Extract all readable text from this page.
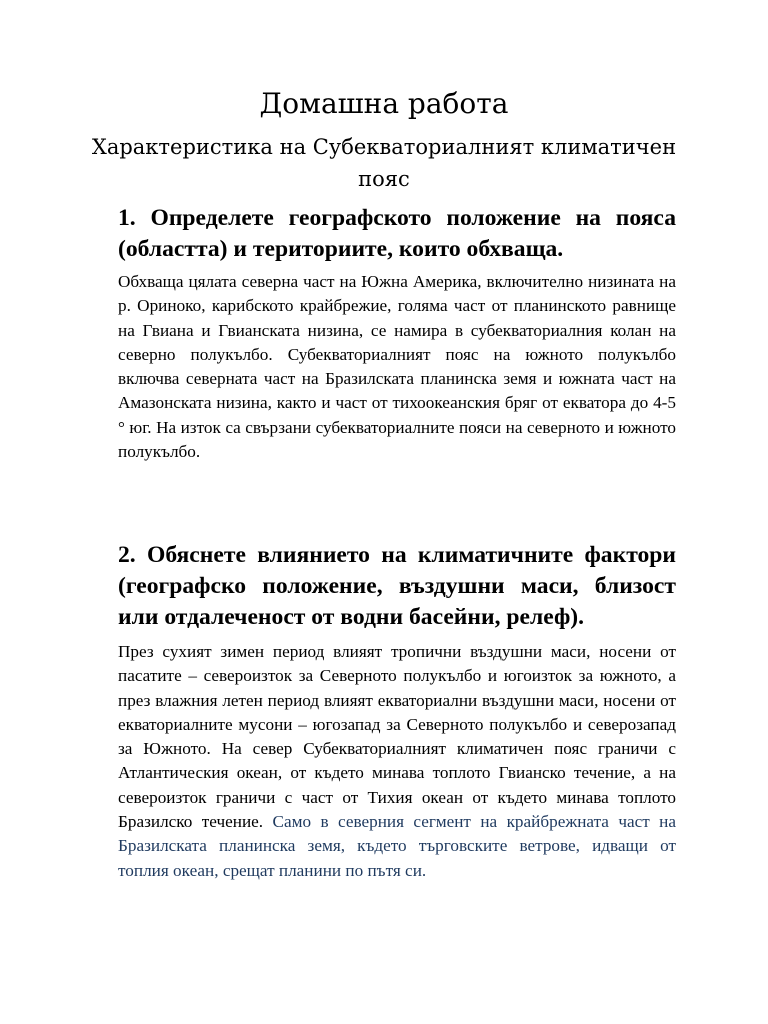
Домашна работа
Характеристика на Субекваториалният климатичен пояс
1. Определете географското положение на пояса (областта) и териториите, които обхваща.

Обхваща цялата северна част на Южна Америка, включително низината на р. Ориноко, карибското крайбрежие, голяма част от планинското равнище на Гвиана и Гвианската низина, се намира в субекваториалния колан на северно полукълбо. Субекваториалният пояс на южното полукълбо включва северната част на Бразилската планинска земя и южната част на Амазонската низина, както и част от тихоокеанския бряг от екватора до 4-5 ° юг. На изток са свързани субекваториалните пояси на северното и южното полукълбо.

2. Обяснете влиянието на климатичните фактори (географско положение, въздушни маси, близост или отдалеченост от водни басейни, релеф).

През сухият зимен период влияят тропични въздушни маси, носени от пасатите – североизток за Северното полукълбо и югоизток за южното, а през влажния летен период влияят екваториални въздушни маси, носени от екваториалните мусони – югозапад за Северното полукълбо и северозапад за Южното. На север Субекваториалният климатичен пояс граничи с Атлантическия океан, от където минава топлото Гвианско течение, а на североизток граничи с част от Тихия океан от където минава топлото Бразилско течение. Само в северния сегмент на крайбрежната част на Бразилската планинска земя, където търговските ветрове, идващи от топлия океан, срещат планини по пътя си.
